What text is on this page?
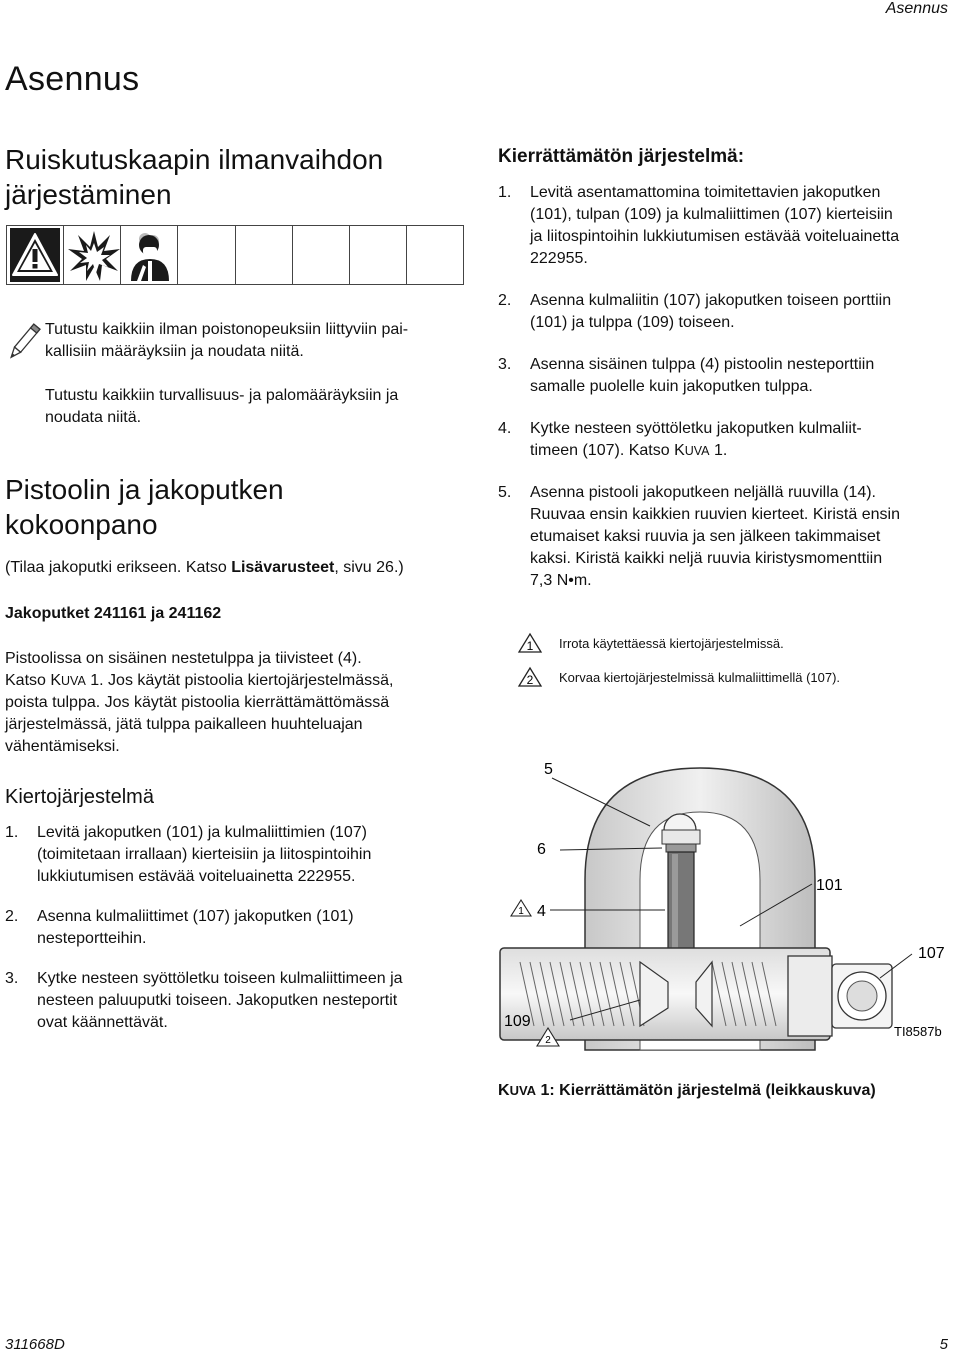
Asennus
Asennus
Ruiskutuskaapin ilmanvaihdon
järjestäminen

Tutustu kaikkiin ilman poistonopeuksiin liittyviin pai-

kallisiin määräyksiin ja noudata niitä.

Tutustu kaikkiin turvallisuus- ja palomääräyksiin ja

noudata niitä.

Pistoolin ja jakoputken
kokoonpano

(Tilaa jakoputki erikseen. Katso Lisävarusteet, sivu 26.)

Jakoputket 241161 ja 241162

Pistoolissa on sisäinen nestetulppa ja tiivisteet (4).

Katso KUVA 1. Jos käytät pistoolia kiertojärjestelmässä,

poista tulppa. Jos käytät pistoolia kierrättämättömässä

järjestelmässä, jätä tulppa paikalleen huuhteluajan

vähentämiseksi.

Kiertojärjestelmä
1.	Levitä jakoputken (101) ja kulmaliittimien (107)
(toimitetaan irrallaan) kierteisiin ja liitospintoihin
lukkiutumisen estävää voiteluainetta 222955.
2.	Asenna kulmaliittimet (107) jakoputken (101)
nesteportteihin.
3.	Kytke nesteen syöttöletku toiseen kulmaliittimeen ja
nesteen paluuputki toiseen. Jakoputken nesteportit
ovat käännettävät.
Kierrättämätön järjestelmä:
1.	Levitä asentamattomina toimitettavien jakoputken
(101), tulpan (109) ja kulmaliittimen (107) kierteisiin
ja liitospintoihin lukkiutumisen estävää voiteluainetta
222955.
2.	Asenna kulmaliitin (107) jakoputken toiseen porttiin
(101) ja tulppa (109) toiseen.
3.	Asenna sisäinen tulppa (4) pistoolin nesteporttiin
samalle puolelle kuin jakoputken tulppa.
4.	Kytke nesteen syöttöletku jakoputken kulmaliit-
timeen (107). Katso KUVA 1.
5.	Asenna pistooli jakoputkeen neljällä ruuvilla (14).
Ruuvaa ensin kaikkien ruuvien kierteet. Kiristä ensin
etumaiset kaksi ruuvia ja sen jälkeen takimmaiset
kaksi. Kiristä kaikki neljä ruuvia kiristysmomenttiin
7,3 N•m.
1 Irrota käytettäessä kiertojärjestelmissä.
2 Korvaa kiertojärjestelmissä kulmaliittimellä (107).
1
2
5
6
4
101
107
109
TI8587b

KUVA 1: Kierrättämätön järjestelmä (leikkauskuva)

311668D	5
